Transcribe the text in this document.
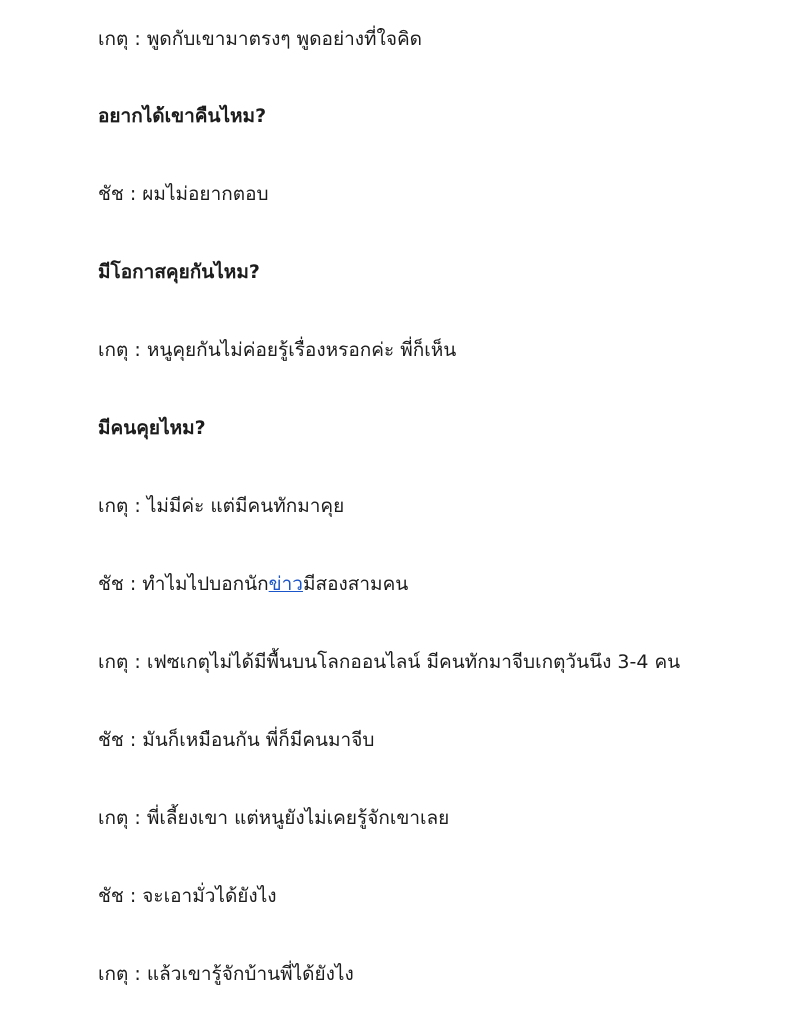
เกตุ : พูดกับเขามาตรงๆ พูดอย่างที่ใจคิด

อยากได้เขาคืนไหม?

ชัช : ผมไม่อยากตอบ

มีโอกาสคุยกันไหม?

เกตุ : หนูคุยกันไม่ค่อยรู้เรื่องหรอกค่ะ พี่ก็เห็น

มีคนคุยไหม?

เกตุ : ไม่มีค่ะ แต่มีคนทักมาคุย

ชัช : ทำไมไปบอกนักข่าวมีสองสามคน

เกตุ : เฟซเกตุไม่ได้มีพื้นบนโลกออนไลน์ มีคนทักมาจีบเกตุวันนึง 3-4 คน

ชัช : มันก็เหมือนกัน พี่ก็มีคนมาจีบ

เกตุ : พี่เลี้ยงเขา แต่หนูยังไม่เคยรู้จักเขาเลย

ชัช : จะเอามั่วได้ยังไง

เกตุ : แล้วเขารู้จักบ้านพี่ได้ยังไง
